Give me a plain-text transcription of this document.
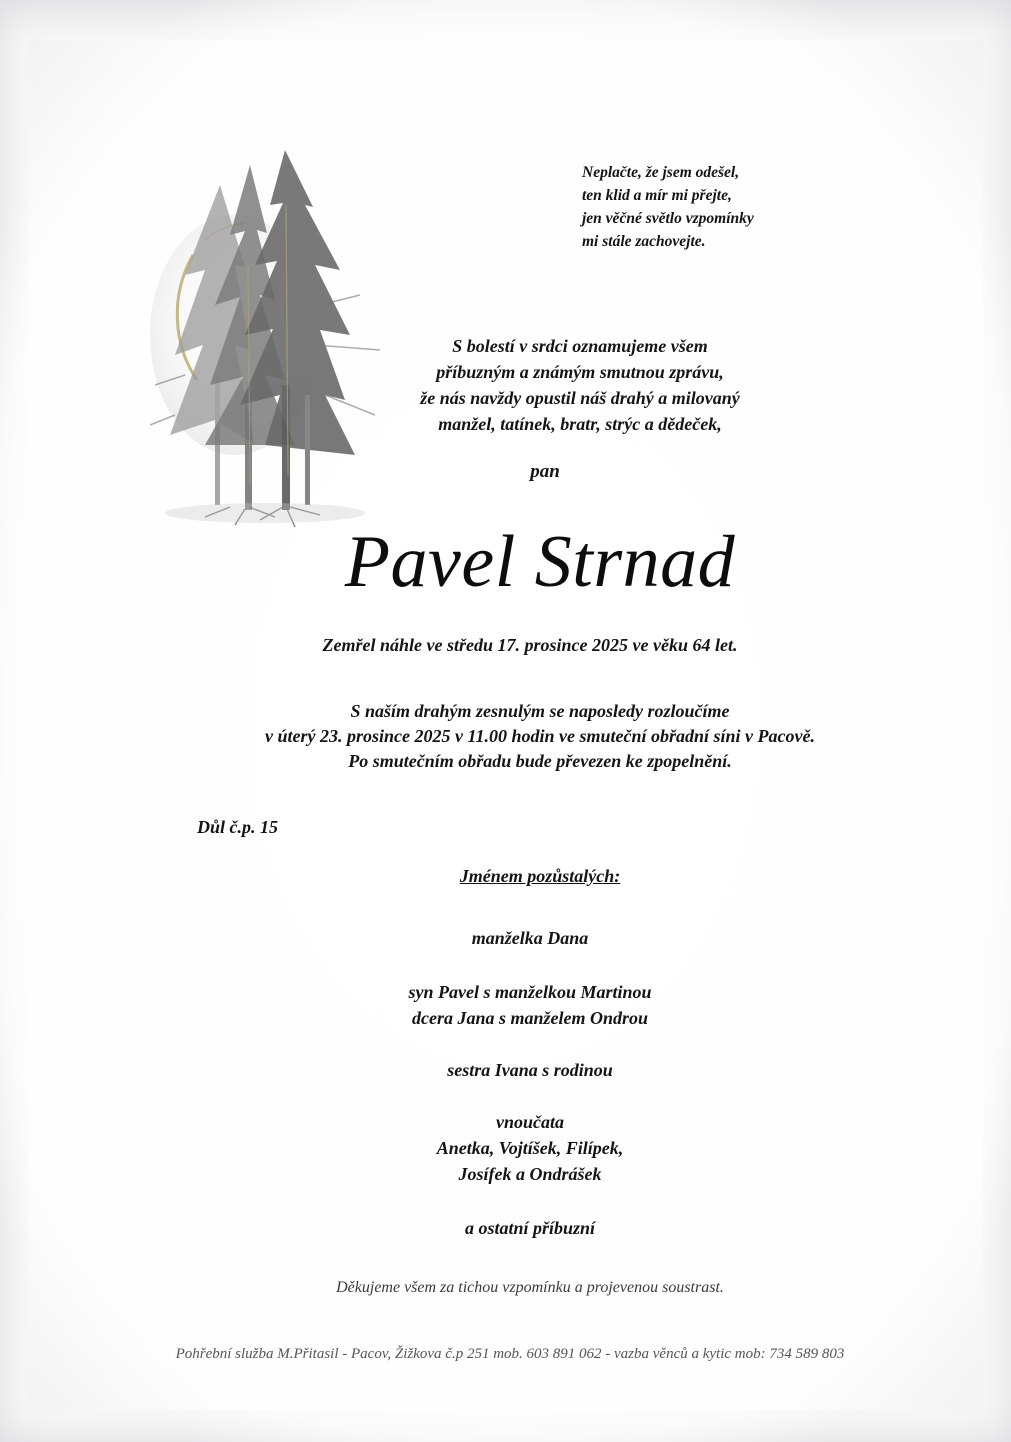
Neplačte, že jsem odešel,
ten klid a mír mi přejte,
jen věčné světlo vzpomínky
mi stále zachovejte.
S bolestí v srdci oznamujeme všem
příbuzným a známým smutnou zprávu,
že nás navždy opustil náš drahý a milovaný
manžel, tatínek, bratr, strýc a dědeček,
pan
Pavel Strnad
Zemřel náhle ve středu 17. prosince 2025 ve věku 64 let.
S naším drahým zesnulým se naposledy rozloučíme
v úterý 23. prosince 2025 v 11.00 hodin ve smuteční obřadní síni v Pacově.
Po smutečním obřadu bude převezen ke zpopelnění.
Důl č.p. 15
Jménem pozůstalých:
manželka Dana
syn Pavel s manželkou Martinou
dcera Jana s manželem Ondrou
sestra Ivana s rodinou
vnoučata
Anetka, Vojtíšek, Filípek,
Josífek a Ondrášek
a ostatní příbuzní
Děkujeme všem za tichou vzpomínku a projevenou soustrast.
Pohřební služba M.Přitasil - Pacov, Žižkova č.p 251 mob. 603 891 062 - vazba věnců a kytic mob: 734 589 803
